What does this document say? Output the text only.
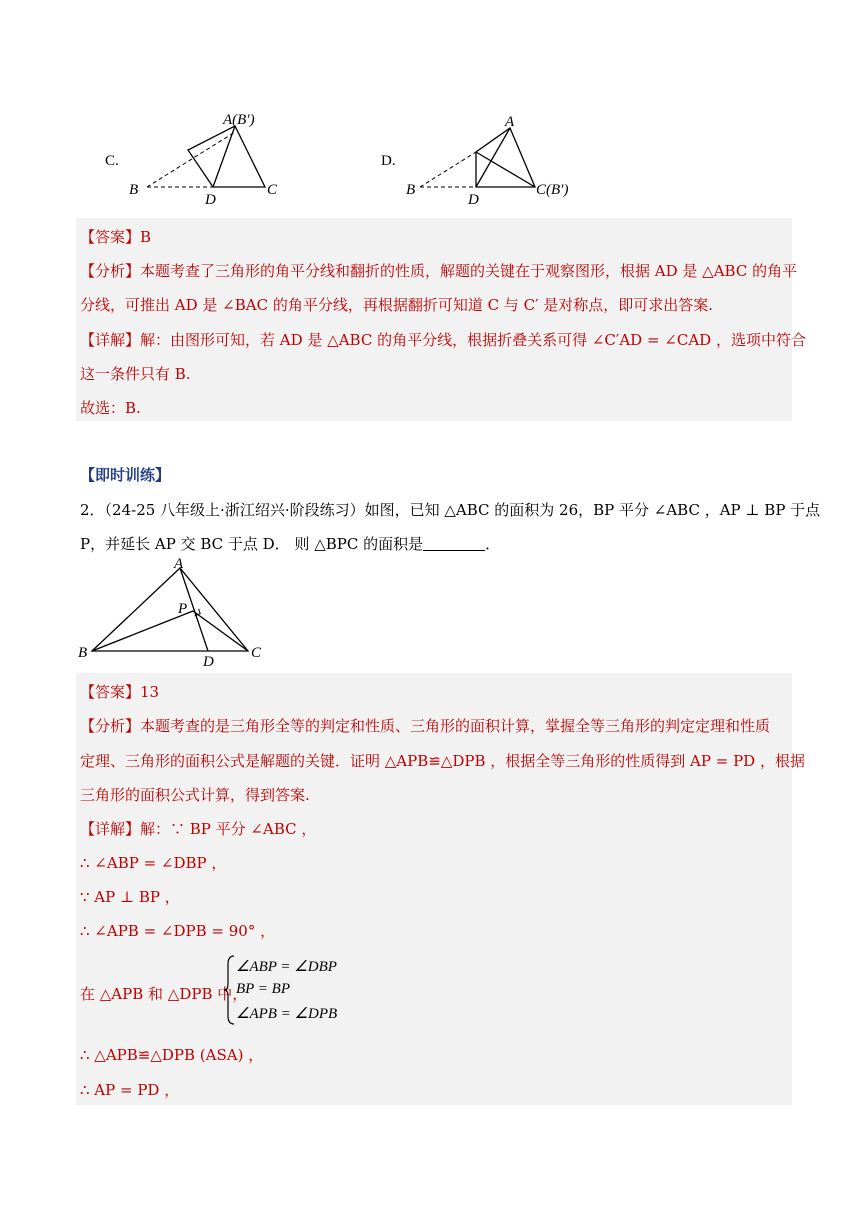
C.
A(B′)
B
D
C
D.
A
B
D
C(B′)
【答案】B
【分析】本题考查了三角形的角平分线和翻折的性质，解题的关键在于观察图形，根据 AD 是 △ABC 的角平
分线，可推出 AD 是 ∠BAC 的角平分线，再根据翻折可知道 C 与 C′ 是对称点，即可求出答案.
【详解】解：由图形可知，若 AD 是 △ABC 的角平分线，根据折叠关系可得 ∠C′AD = ∠CAD ，选项中符合
这一条件只有 B.
故选：B.
【即时训练】
2．（24-25 八年级上·浙江绍兴·阶段练习）如图，已知 △ABC 的面积为 26，BP 平分 ∠ABC ，AP ⊥ BP 于点
P，并延长 AP 交 BC 于点 D． 则 △BPC 的面积是	．
A
P
B
D
C
【答案】13
【分析】本题考查的是三角形全等的判定和性质、三角形的面积计算，掌握全等三角形的判定定理和性质
定理、三角形的面积公式是解题的关键．证明 △APB≌△DPB ，根据全等三角形的性质得到 AP = PD ，根据
三角形的面积公式计算，得到答案.
【详解】解：∵ BP 平分 ∠ABC ，
∴ ∠ABP = ∠DBP ，
∵ AP ⊥ BP ，
∴ ∠APB = ∠DPB = 90° ，
在 △APB 和 △DPB 中，
∠ABP = ∠DBP
BP = BP
∠APB = ∠DPB
∴ △APB≌△DPB (ASA) ，
∴ AP = PD ，
